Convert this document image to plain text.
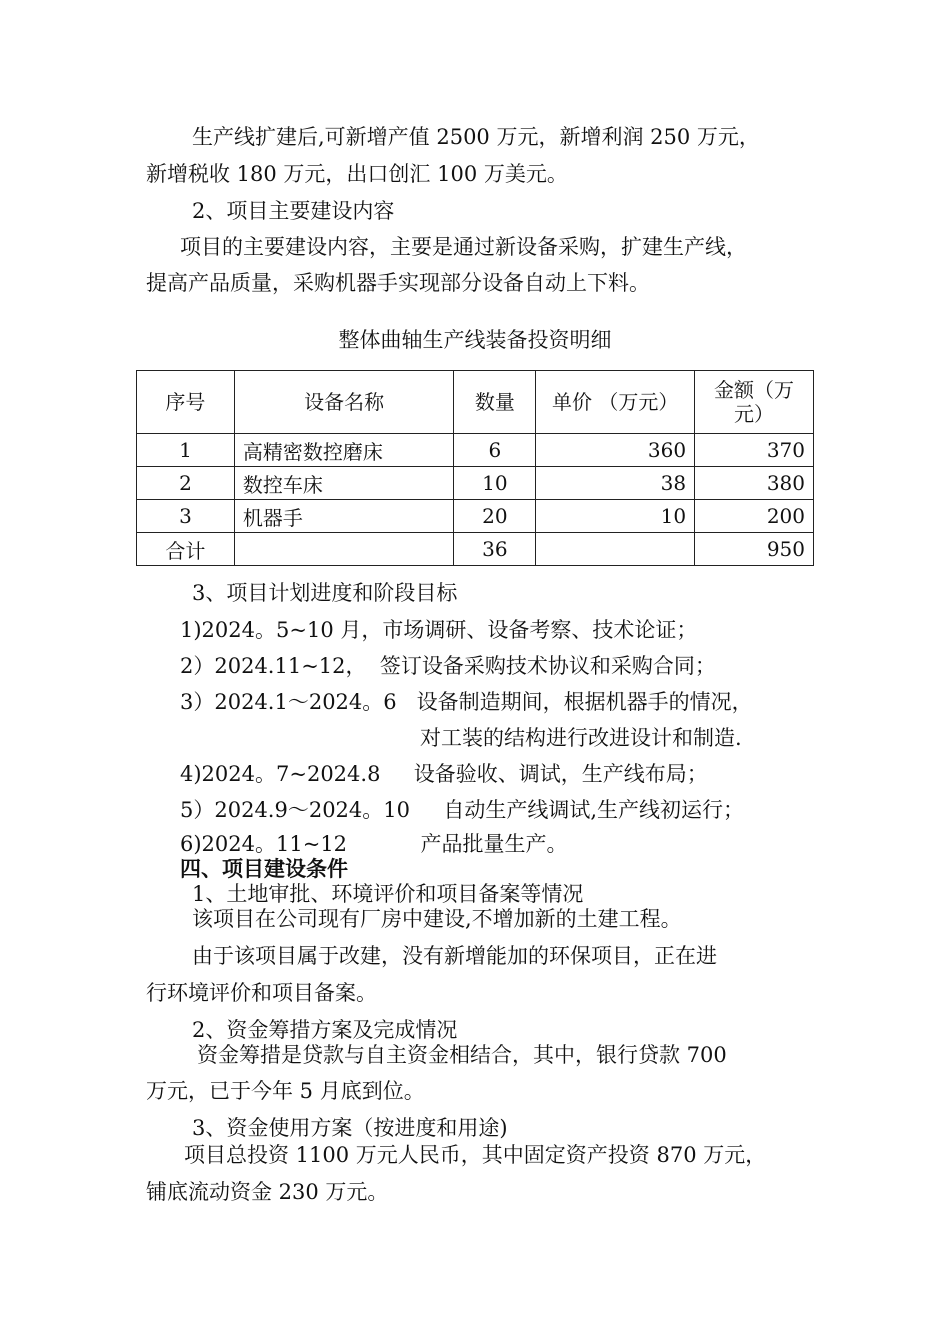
生产线扩建后,可新增产值 2500 万元，新增利润 250 万元，
新增税收 180 万元，出口创汇 100 万美元。
2、项目主要建设内容
项目的主要建设内容，主要是通过新设备采购，扩建生产线，
提高产品质量，采购机器手实现部分设备自动上下料。
整体曲轴生产线装备投资明细
序号	设备名称	数量	单价 （万元）	金额（万元）
1	高精密数控磨床	6	360	370
2	数控车床	10	38	380
3	机器手	20	10	200
合计		36		950
3、项目计划进度和阶段目标
1)2024。5~10 月，市场调研、设备考察、技术论证；
2）2024.11~12，  签订设备采购技术协议和采购合同；
3）2024.1～2024。6   设备制造期间，根据机器手的情况，
对工装的结构进行改进设计和制造.
4)2024。7~2024.8     设备验收、调试，生产线布局；
5）2024.9～2024。10     自动生产线调试,生产线初运行；
6)2024。11~12           产品批量生产。
四、项目建设条件
1、土地审批、环境评价和项目备案等情况
该项目在公司现有厂房中建设,不增加新的土建工程。
由于该项目属于改建，没有新增能加的环保项目，正在进
行环境评价和项目备案。
2、资金筹措方案及完成情况
资金筹措是贷款与自主资金相结合，其中，银行贷款 700
万元，已于今年 5 月底到位。
3、资金使用方案（按进度和用途)
项目总投资 1100 万元人民币，其中固定资产投资 870 万元，
铺底流动资金 230 万元。
